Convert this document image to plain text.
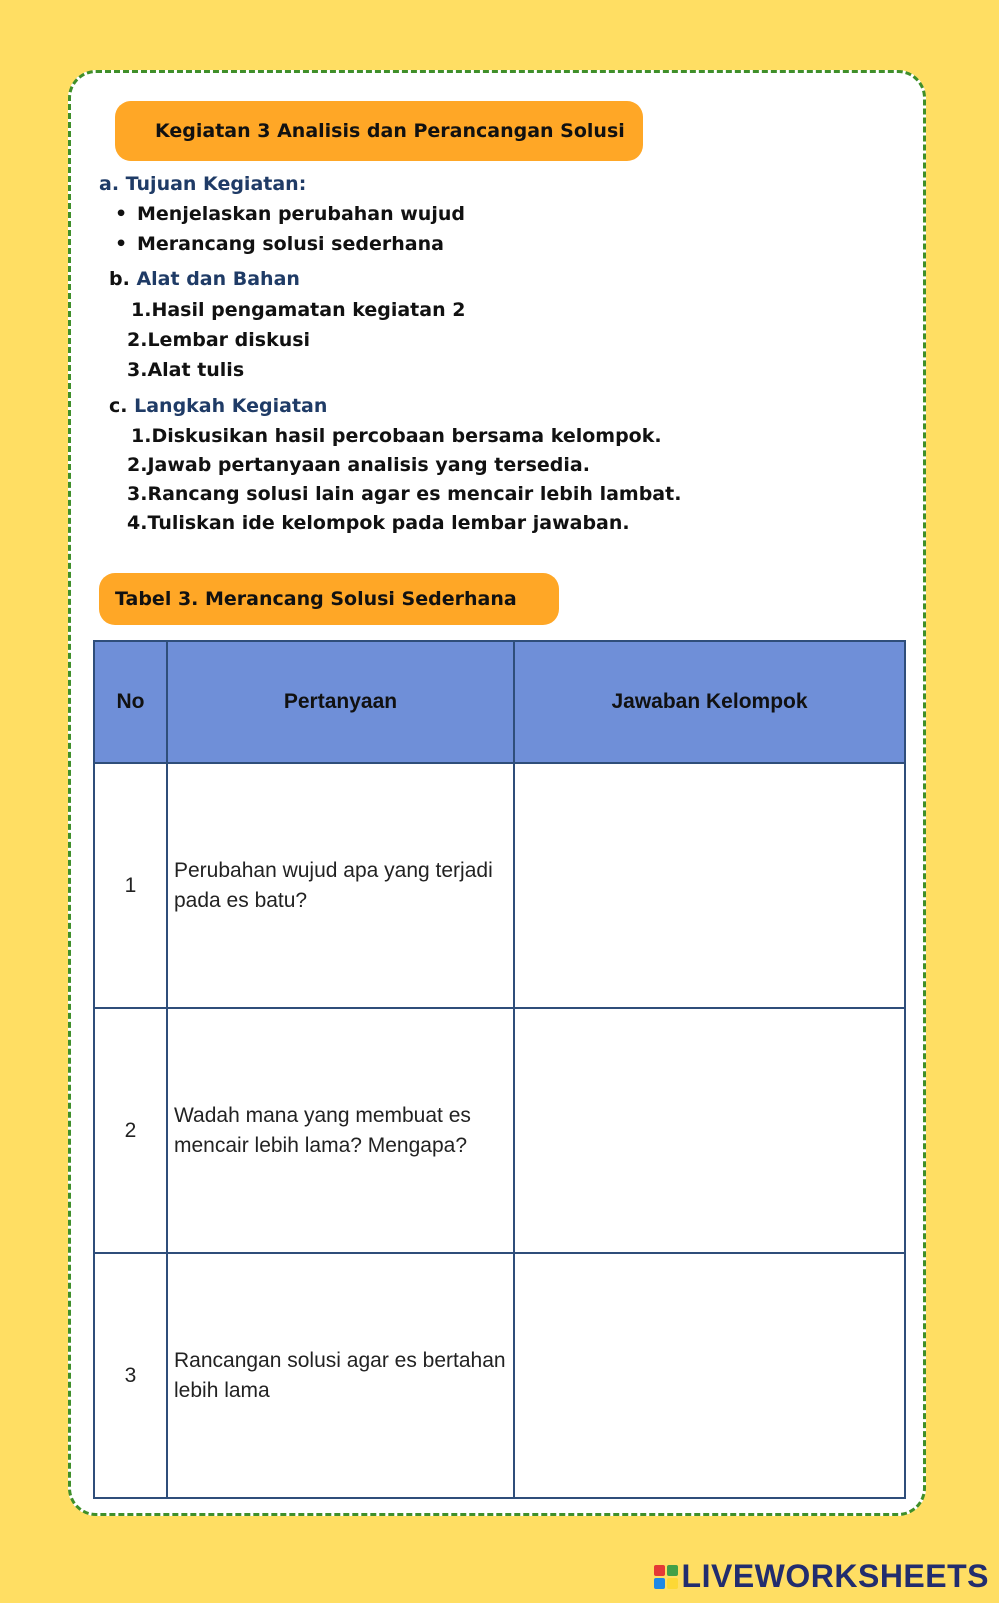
Kegiatan 3 Analisis dan Perancangan Solusi
a. Tujuan Kegiatan:
• Menjelaskan perubahan wujud
• Merancang solusi sederhana
b. Alat dan Bahan
1.Hasil pengamatan kegiatan 2
2.Lembar diskusi
3.Alat tulis
c. Langkah Kegiatan
1.Diskusikan hasil percobaan bersama kelompok.
2.Jawab pertanyaan analisis yang tersedia.
3.Rancang solusi lain agar es mencair lebih lambat.
4.Tuliskan ide kelompok pada lembar jawaban.
Tabel 3. Merancang Solusi Sederhana
No	Pertanyaan	Jawaban Kelompok
1	Perubahan wujud apa yang terjadi pada es batu?	
2	Wadah mana yang membuat es mencair lebih lama? Mengapa?	
3	Rancangan solusi agar es bertahan lebih lama	
LIVEWORKSHEETS
